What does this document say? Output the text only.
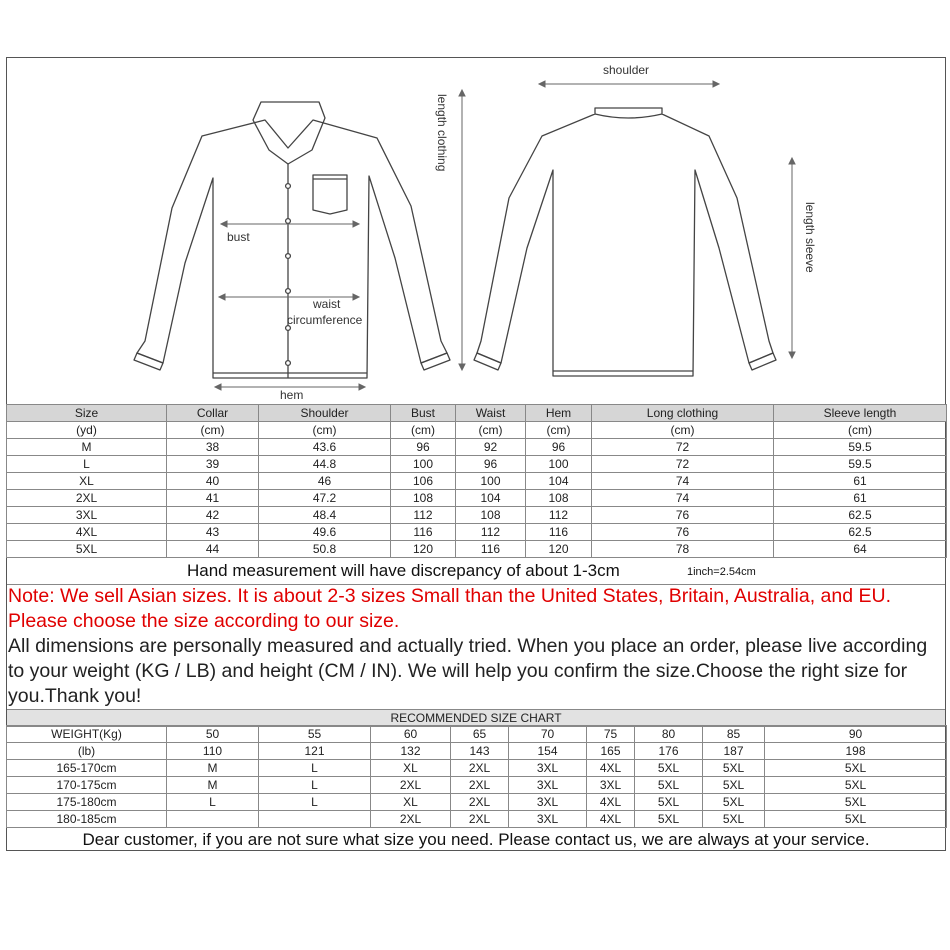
shoulder
length clothing
bust
waist
circumference
hem
length sleeve
Size	Collar	Shoulder	Bust	Waist	Hem	Long clothing	Sleeve length
(yd)	(cm)	(cm)	(cm)	(cm)	(cm)	(cm)	(cm)
M	38	43.6	96	92	96	72	59.5
L	39	44.8	100	96	100	72	59.5
XL	40	46	106	100	104	74	61
2XL	41	47.2	108	104	108	74	61
3XL	42	48.4	112	108	112	76	62.5
4XL	43	49.6	116	112	116	76	62.5
5XL	44	50.8	120	116	120	78	64
Hand measurement will have discrepancy of about 1-3cm	1inch=2.54cm
Note: We sell Asian sizes. It is about 2-3 sizes Small than the United States, Britain, Australia, and EU.
Please choose the size according to our size.
All dimensions are personally measured and actually tried. When you place an order, please live according to your weight (KG / LB) and height (CM / IN). We will help you confirm the size.Choose the right size for you.Thank you!
RECOMMENDED SIZE CHART
WEIGHT(Kg)	50	55	60	65	70	75	80	85	90
(lb)	110	121	132	143	154	165	176	187	198
165-170cm	M	L	XL	2XL	3XL	4XL	5XL	5XL	5XL
170-175cm	M	L	2XL	2XL	3XL	3XL	5XL	5XL	5XL
175-180cm	L	L	XL	2XL	3XL	4XL	5XL	5XL	5XL
180-185cm			2XL	2XL	3XL	4XL	5XL	5XL	5XL
Dear customer, if you are not sure what size you need. Please contact us, we are always at your service.
